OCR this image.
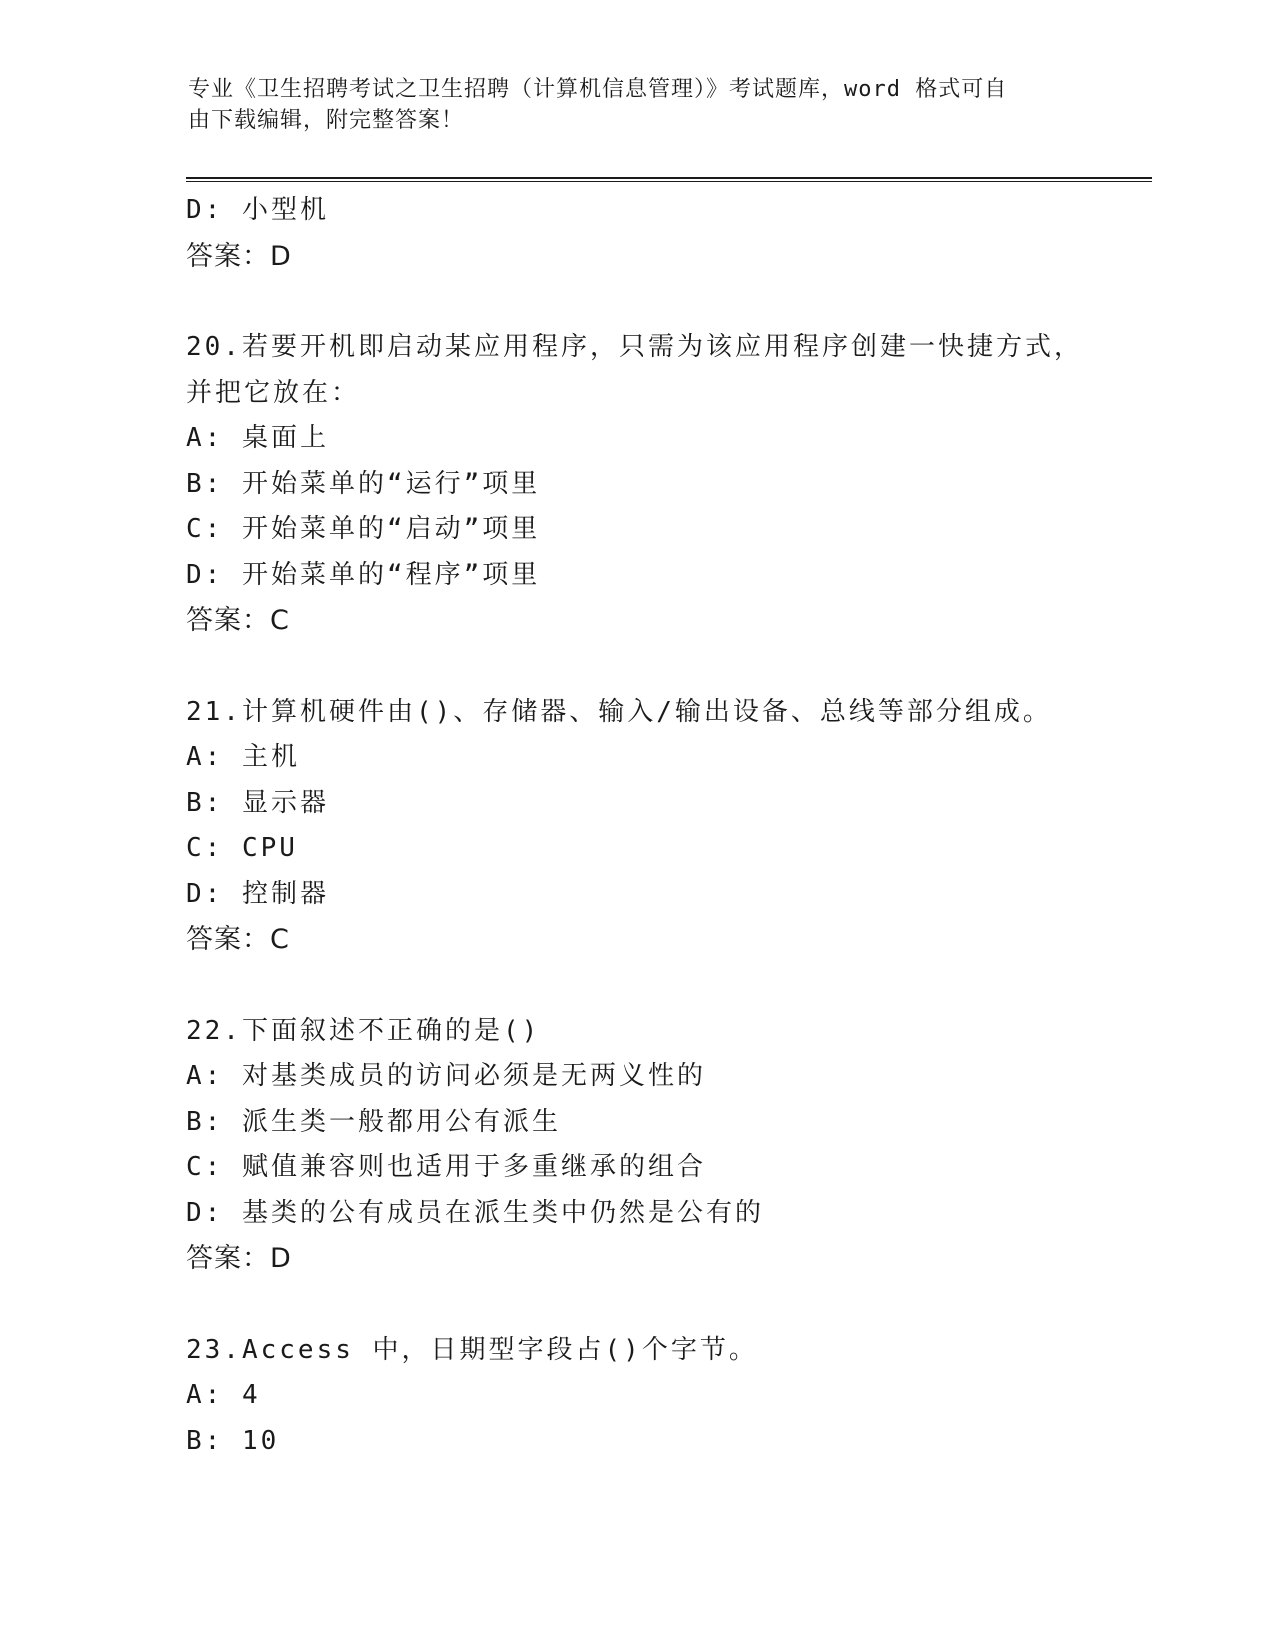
专业《卫生招聘考试之卫生招聘（计算机信息管理）》考试题库，word 格式可自
由下载编辑，附完整答案！
D: 小型机
答案：D
20.若要开机即启动某应用程序，只需为该应用程序创建一快捷方式，
并把它放在：
A: 桌面上
B: 开始菜单的“运行”项里
C: 开始菜单的“启动”项里
D: 开始菜单的“程序”项里
答案：C
21.计算机硬件由()、存储器、输入/输出设备、总线等部分组成。
A: 主机
B: 显示器
C: CPU
D: 控制器
答案：C
22.下面叙述不正确的是()
A: 对基类成员的访问必须是无两义性的
B: 派生类一般都用公有派生
C: 赋值兼容则也适用于多重继承的组合
D: 基类的公有成员在派生类中仍然是公有的
答案：D
23.Access 中，日期型字段占()个字节。
A: 4
B: 10
